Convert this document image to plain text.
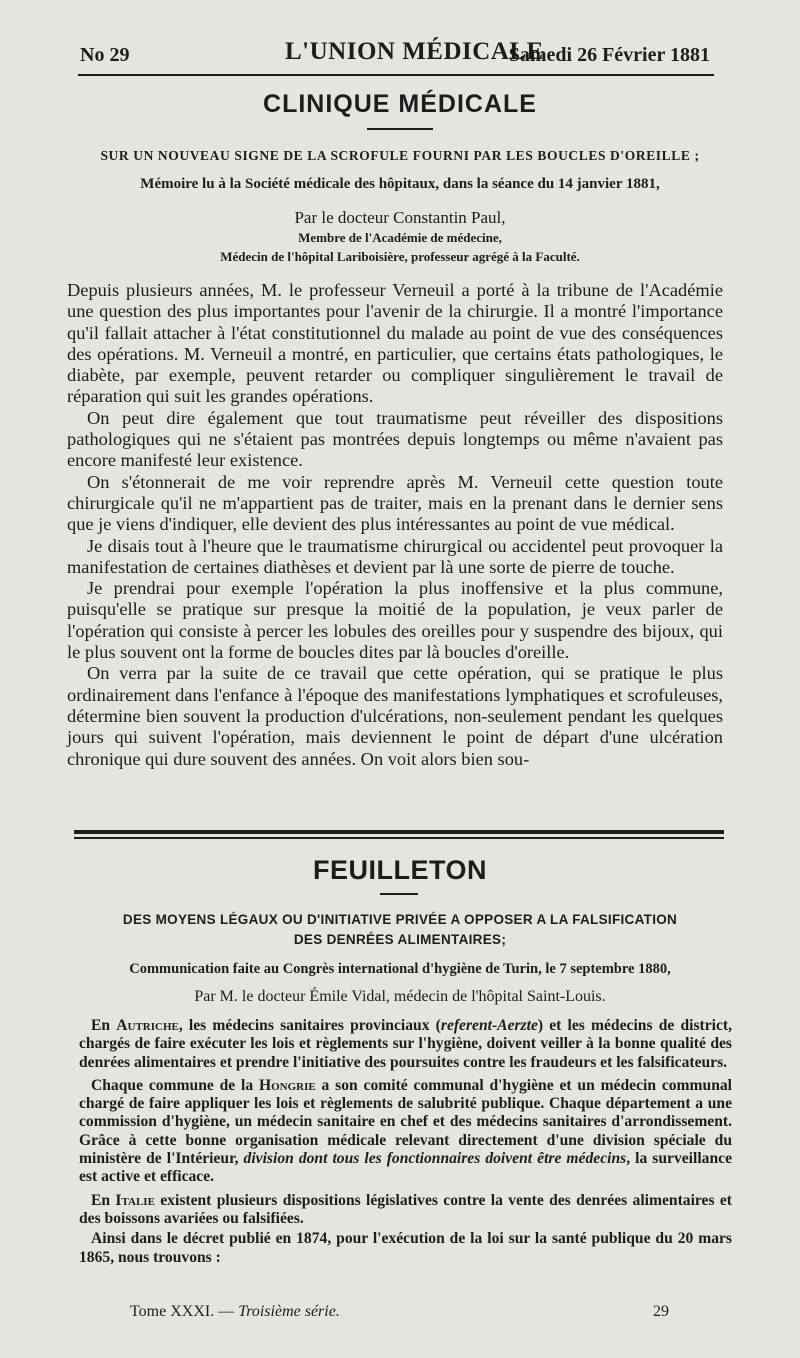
No 29	L'UNION MÉDICALE
Samedi 26 Février 1881
CLINIQUE MÉDICALE
SUR UN NOUVEAU SIGNE DE LA SCROFULE FOURNI PAR LES BOUCLES D'OREILLE ;
Mémoire lu à la Société médicale des hôpitaux, dans la séance du 14 janvier 1881,
Par le docteur Constantin Paul,
Membre de l'Académie de médecine,
Médecin de l'hôpital Lariboisière, professeur agrégé à la Faculté.

Depuis plusieurs années, M. le professeur Verneuil a porté à la tribune de l'Académie une question des plus importantes pour l'avenir de la chirurgie. Il a montré l'importance qu'il fallait attacher à l'état constitutionnel du malade au point de vue des conséquences des opérations. M. Verneuil a montré, en particulier, que certains états pathologiques, le diabète, par exemple, peuvent retarder ou compliquer singulièrement le travail de réparation qui suit les grandes opérations.

On peut dire également que tout traumatisme peut réveiller des dispositions pathologiques qui ne s'étaient pas montrées depuis longtemps ou même n'avaient pas encore manifesté leur existence.

On s'étonnerait de me voir reprendre après M. Verneuil cette question toute chirurgicale qu'il ne m'appartient pas de traiter, mais en la prenant dans le dernier sens que je viens d'indiquer, elle devient des plus intéressantes au point de vue médical.

Je disais tout à l'heure que le traumatisme chirurgical ou accidentel peut provoquer la manifestation de certaines diathèses et devient par là une sorte de pierre de touche.

Je prendrai pour exemple l'opération la plus inoffensive et la plus commune, puisqu'elle se pratique sur presque la moitié de la population, je veux parler de l'opération qui consiste à percer les lobules des oreilles pour y suspendre des bijoux, qui le plus souvent ont la forme de boucles dites par là boucles d'oreille.

On verra par la suite de ce travail que cette opération, qui se pratique le plus ordinairement dans l'enfance à l'époque des manifestations lymphatiques et scrofuleuses, détermine bien souvent la production d'ulcérations, non-seulement pendant les quelques jours qui suivent l'opération, mais deviennent le point de départ d'une ulcération chronique qui dure souvent des années. On voit alors bien sou-

FEUILLETON
DES MOYENS LÉGAUX OU D'INITIATIVE PRIVÉE A OPPOSER A LA FALSIFICATION
DES DENRÉES ALIMENTAIRES;
Communication faite au Congrès international d'hygiène de Turin, le 7 septembre 1880,
Par M. le docteur Émile Vidal, médecin de l'hôpital Saint-Louis.

En Autriche, les médecins sanitaires provinciaux (referent-Aerzte) et les médecins de district, chargés de faire exécuter les lois et règlements sur l'hygiène, doivent veiller à la bonne qualité des denrées alimentaires et prendre l'initiative des poursuites contre les fraudeurs et les falsificateurs.

Chaque commune de la Hongrie a son comité communal d'hygiène et un médecin communal chargé de faire appliquer les lois et règlements de salubrité publique. Chaque département a une commission d'hygiène, un médecin sanitaire en chef et des médecins sanitaires d'arrondissement. Grâce à cette bonne organisation médicale relevant directement d'une division spéciale du ministère de l'Intérieur, division dont tous les fonctionnaires doivent être médecins, la surveillance est active et efficace.

En Italie existent plusieurs dispositions législatives contre la vente des denrées alimentaires et des boissons avariées ou falsifiées.

Ainsi dans le décret publié en 1874, pour l'exécution de la loi sur la santé publique du 20 mars 1865, nous trouvons :

Tome XXXI. — Troisième série.	29
